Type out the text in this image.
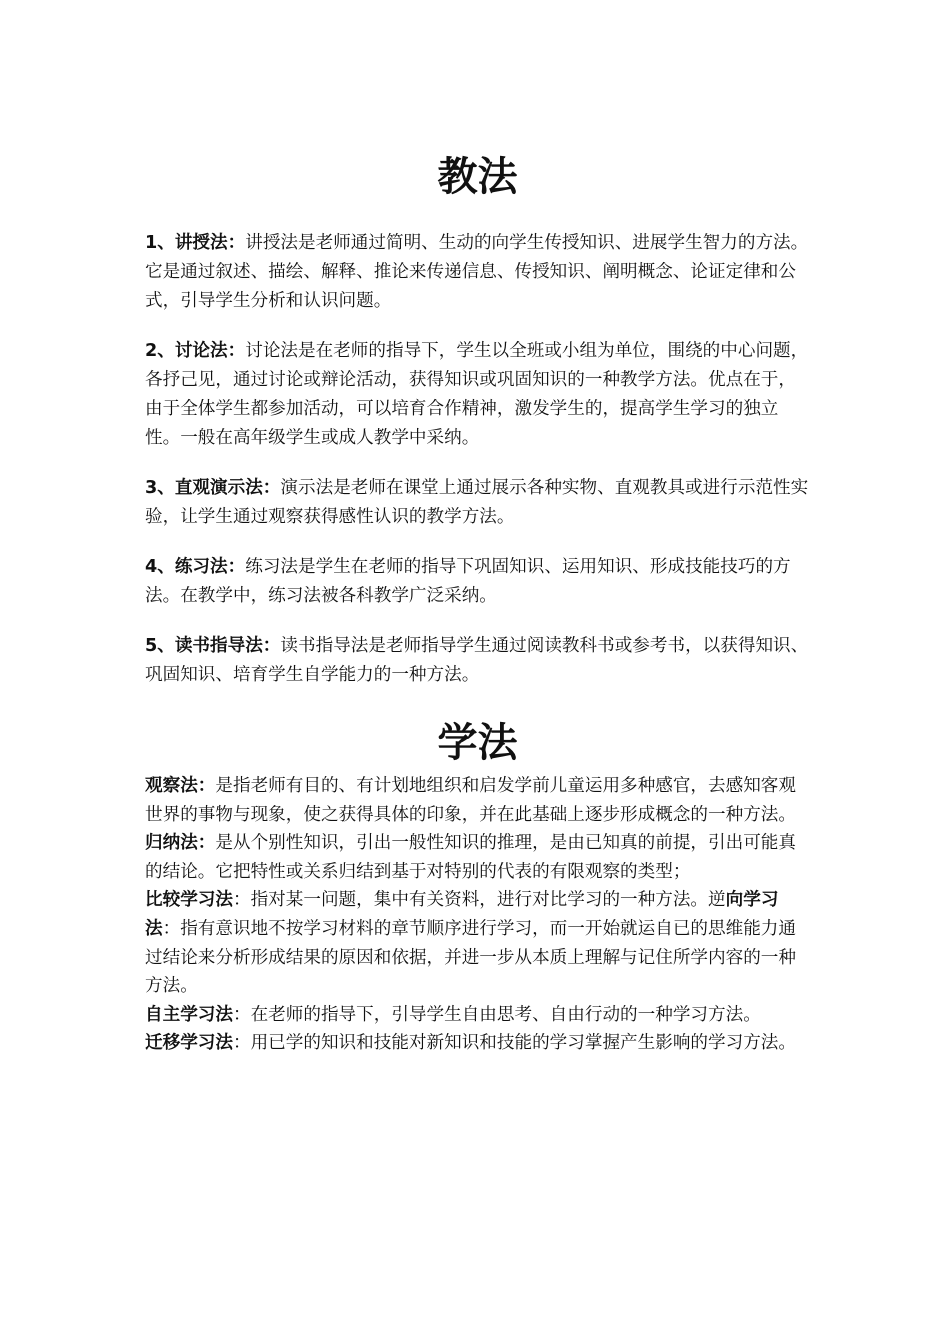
教法

1、讲授法：讲授法是老师通过简明、生动的向学生传授知识、进展学生智力的方法。它是通过叙述、描绘、解释、推论来传递信息、传授知识、阐明概念、论证定律和公式，引导学生分析和认识问题。

2、讨论法：讨论法是在老师的指导下，学生以全班或小组为单位，围绕的中心问题，各抒己见，通过讨论或辩论活动，获得知识或巩固知识的一种教学方法。优点在于，由于全体学生都参加活动，可以培育合作精神，激发学生的，提高学生学习的独立性。一般在高年级学生或成人教学中采纳。

3、直观演示法：演示法是老师在课堂上通过展示各种实物、直观教具或进行示范性实验，让学生通过观察获得感性认识的教学方法。

4、练习法：练习法是学生在老师的指导下巩固知识、运用知识、形成技能技巧的方法。在教学中，练习法被各科教学广泛采纳。

5、读书指导法：读书指导法是老师指导学生通过阅读教科书或参考书，以获得知识、巩固知识、培育学生自学能力的一种方法。

学法

观察法：是指老师有目的、有计划地组织和启发学前儿童运用多种感官，去感知客观世界的事物与现象，使之获得具体的印象，并在此基础上逐步形成概念的一种方法。

归纳法：是从个别性知识，引出一般性知识的推理，是由已知真的前提，引出可能真的结论。它把特性或关系归结到基于对特别的代表的有限观察的类型；

比较学习法：指对某一问题，集中有关资料，进行对比学习的一种方法。逆向学习法：指有意识地不按学习材料的章节顺序进行学习，而一开始就运自已的思维能力通过结论来分析形成结果的原因和依据，并进一步从本质上理解与记住所学内容的一种方法。

自主学习法：在老师的指导下，引导学生自由思考、自由行动的一种学习方法。

迁移学习法：用已学的知识和技能对新知识和技能的学习掌握产生影响的学习方法。
